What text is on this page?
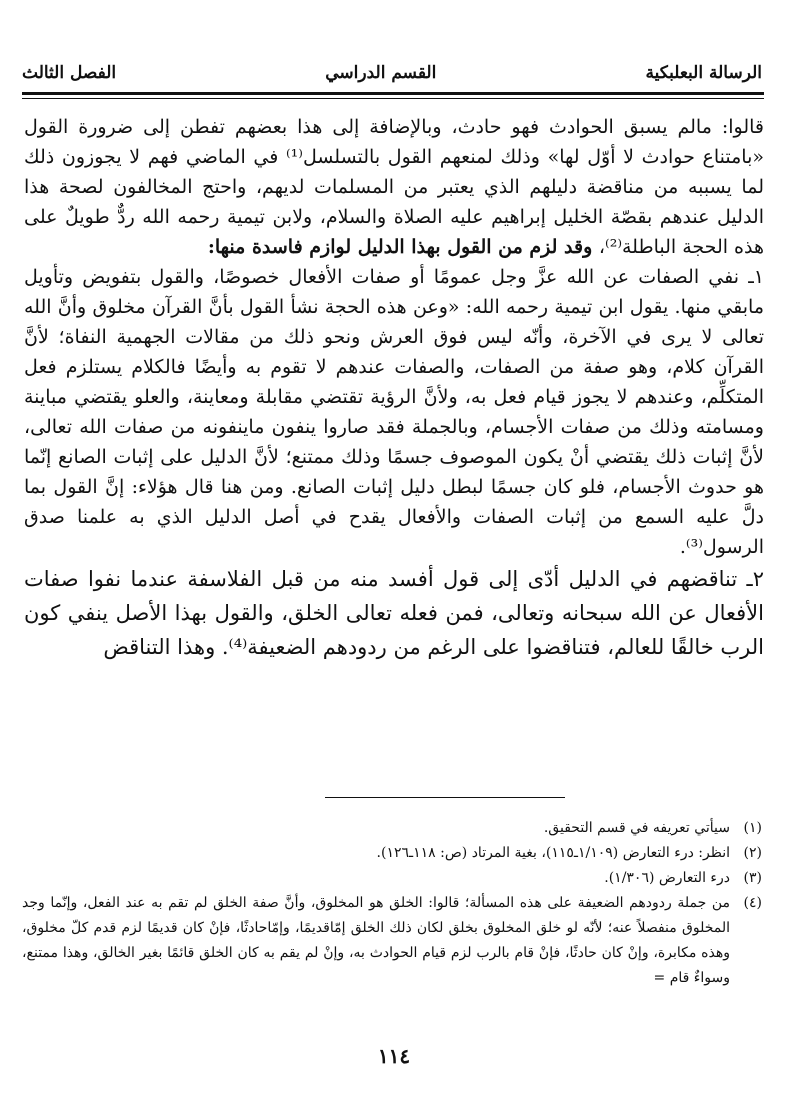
الرسالة البعلبكية
القسم الدراسي
الفصل الثالث

قالوا: مالم يسبق الحوادث فهو حادث، وبالإضافة إلى هذا بعضهم تفطن إلى ضرورة القول «بامتناع حوادث لا أوّل لها» وذلك لمنعهم القول بالتسلسل⁽¹⁾ في الماضي فهم لا يجوزون ذلك لما يسببه من مناقضة دليلهم الذي يعتبر من المسلمات لديهم، واحتج المخالفون لصحة هذا الدليل عندهم بقصّة الخليل إبراهيم عليه الصلاة والسلام، ولابن تيمية رحمه الله ردٌّ طويلٌ على هذه الحجة الباطلة⁽²⁾، وقد لزم من القول بهذا الدليل لوازم فاسدة منها:

١ـ نفي الصفات عن الله عزَّ وجل عمومًا أو صفات الأفعال خصوصًا، والقول بتفويض وتأويل مابقي منها. يقول ابن تيمية رحمه الله: «وعن هذه الحجة نشأ القول بأنَّ القرآن مخلوق وأنَّ الله تعالى لا يرى في الآخرة، وأنّه ليس فوق العرش ونحو ذلك من مقالات الجهمية النفاة؛ لأنَّ القرآن كلام، وهو صفة من الصفات، والصفات عندهم لا تقوم به وأيضًا فالكلام يستلزم فعل المتكلِّم، وعندهم لا يجوز قيام فعل به، ولأنَّ الرؤية تقتضي مقابلة ومعاينة، والعلو يقتضي مباينة ومسامته وذلك من صفات الأجسام، وبالجملة فقد صاروا ينفون ماينفونه من صفات الله تعالى، لأنَّ إثبات ذلك يقتضي أنْ يكون الموصوف جسمًا وذلك ممتنع؛ لأنَّ الدليل على إثبات الصانع إنّما هو حدوث الأجسام، فلو كان جسمًا لبطل دليل إثبات الصانع. ومن هنا قال هؤلاء: إنَّ القول بما دلَّ عليه السمع من إثبات الصفات والأفعال يقدح في أصل الدليل الذي به علمنا صدق الرسول⁽³⁾.

٢ـ تناقضهم في الدليل أدّى إلى قول أفسد منه من قبل الفلاسفة عندما نفوا صفات الأفعال عن الله سبحانه وتعالى، فمن فعله تعالى الخلق، والقول بهذا الأصل ينفي كون الرب خالقًا للعالم، فتناقضوا على الرغم من ردودهم الضعيفة⁽⁴⁾. وهذا التناقض

(١)
سيأتي تعريفه في قسم التحقيق.
(٢)
انظر: درء التعارض (١/١٠٩ـ١١٥)، بغية المرتاد (ص: ١١٨ـ١٢٦).
(٣)
درء التعارض (١/٣٠٦).
(٤)
من جملة ردودهم الضعيفة على هذه المسألة؛ قالوا: الخلق هو المخلوق، وأنَّ صفة الخلق لم تقم به عند الفعل، وإنّما وجد المخلوق منفصلاً عنه؛ لأنّه لو خلق المخلوق بخلق لكان ذلك الخلق إمّاقديمًا، وإمّاحادثًا، فإنْ كان قديمًا لزم قدم كلّ مخلوق، وهذه مكابرة، وإنْ كان حادثًا، فإنْ قام بالرب لزم قيام الحوادث به، وإنْ لم يقم به كان الخلق قائمًا بغير الخالق، وهذا ممتنع، وسواءٌ قام =
١١٤
